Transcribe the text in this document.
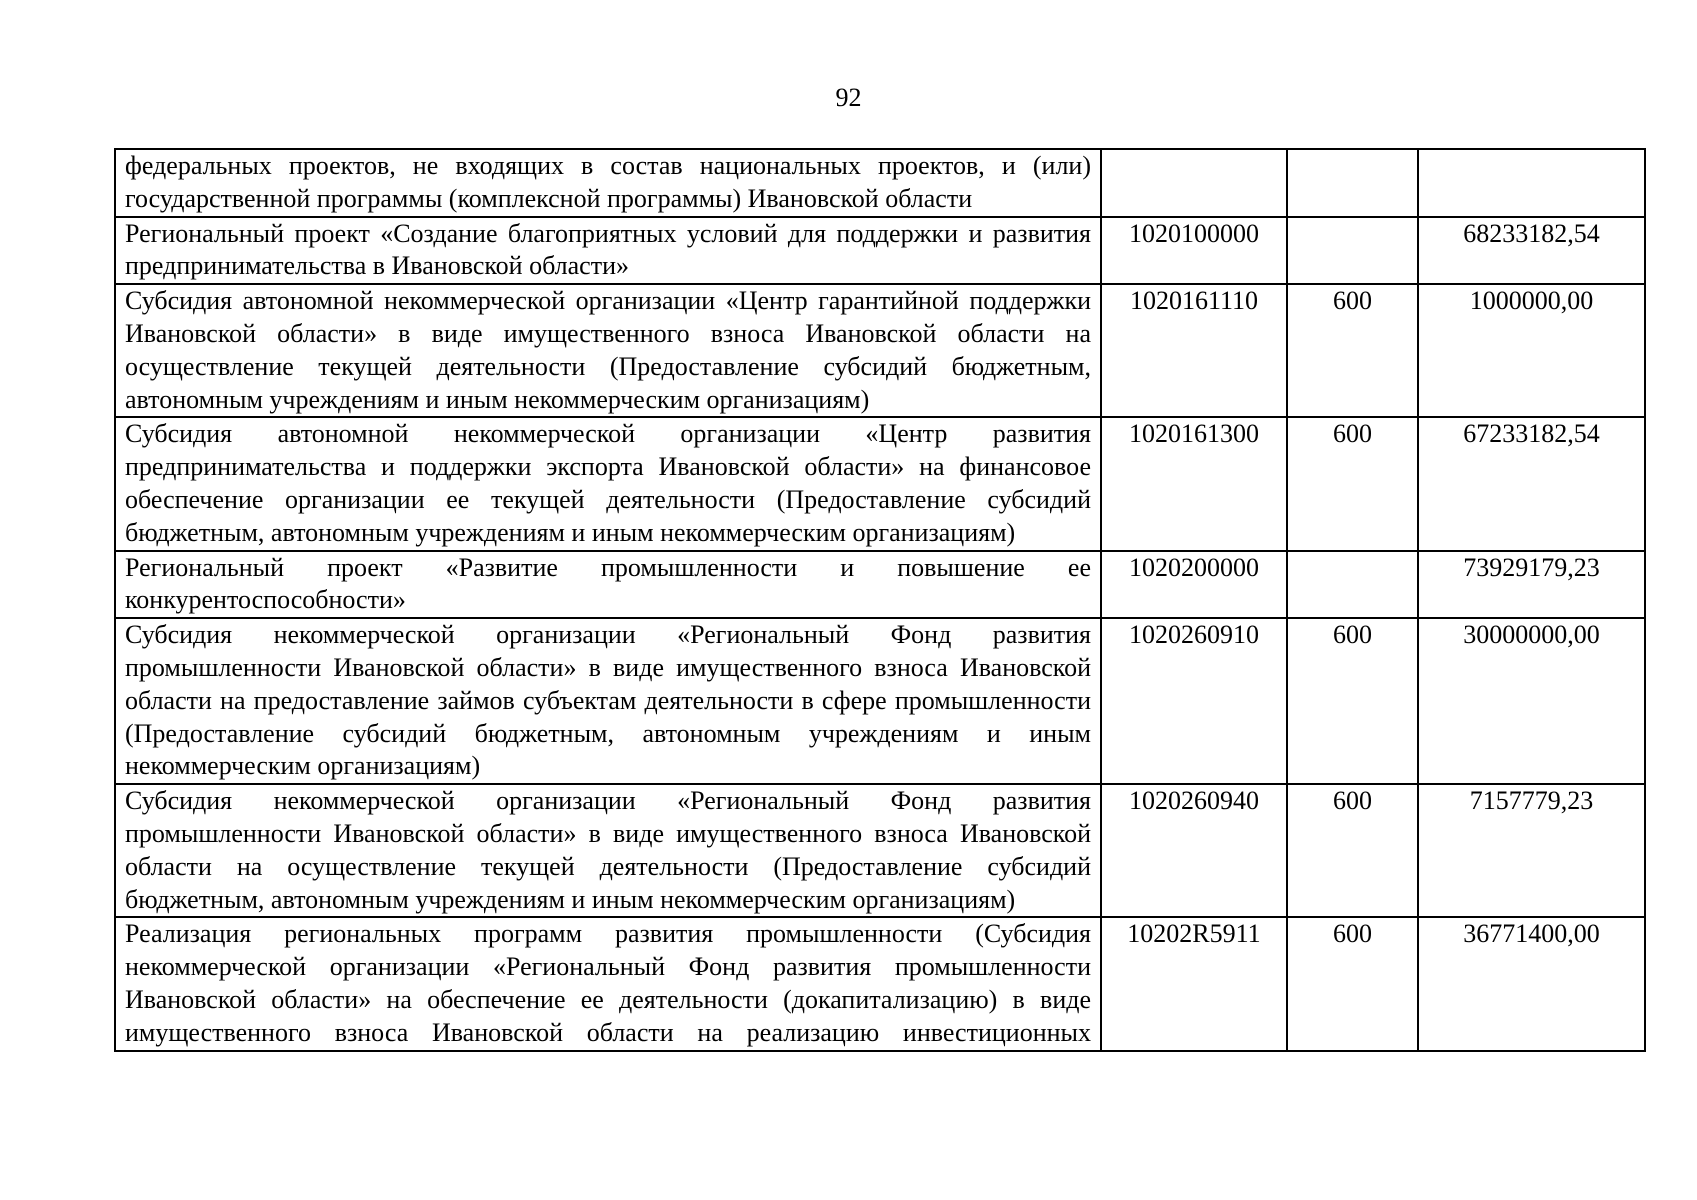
92
федеральных проектов, не входящих в состав национальных проектов, и (или) государственной программы (комплексной программы) Ивановской области			
Региональный проект «Создание благоприятных условий для поддержки и развития предпринимательства в Ивановской области»	1020100000		68233182,54
Субсидия автономной некоммерческой организации «Центр гарантийной поддержки Ивановской области» в виде имущественного взноса Ивановской области на осуществление текущей деятельности (Предоставление субсидий бюджетным, автономным учреждениям и иным некоммерческим организациям)	1020161110	600	1000000,00
Субсидия автономной некоммерческой организации «Центр развития предпринимательства и поддержки экспорта Ивановской области» на финансовое обеспечение организации ее текущей деятельности (Предоставление субсидий бюджетным, автономным учреждениям и иным некоммерческим организациям)	1020161300	600	67233182,54
Региональный проект «Развитие промышленности и повышение ее конкурентоспособности»	1020200000		73929179,23
Субсидия некоммерческой организации «Региональный Фонд развития промышленности Ивановской области» в виде имущественного взноса Ивановской области на предоставление займов субъектам деятельности в сфере промышленности (Предоставление субсидий бюджетным, автономным учреждениям и иным некоммерческим организациям)	1020260910	600	30000000,00
Субсидия некоммерческой организации «Региональный Фонд развития промышленности Ивановской области» в виде имущественного взноса Ивановской области на осуществление текущей деятельности (Предоставление субсидий бюджетным, автономным учреждениям и иным некоммерческим организациям)	1020260940	600	7157779,23
Реализация региональных программ развития промышленности (Субсидия некоммерческой организации «Региональный Фонд развития промышленности Ивановской области» на обеспечение ее деятельности (докапитализацию) в виде имущественного взноса Ивановской области на реализацию инвестиционных	10202R5911	600	36771400,00
